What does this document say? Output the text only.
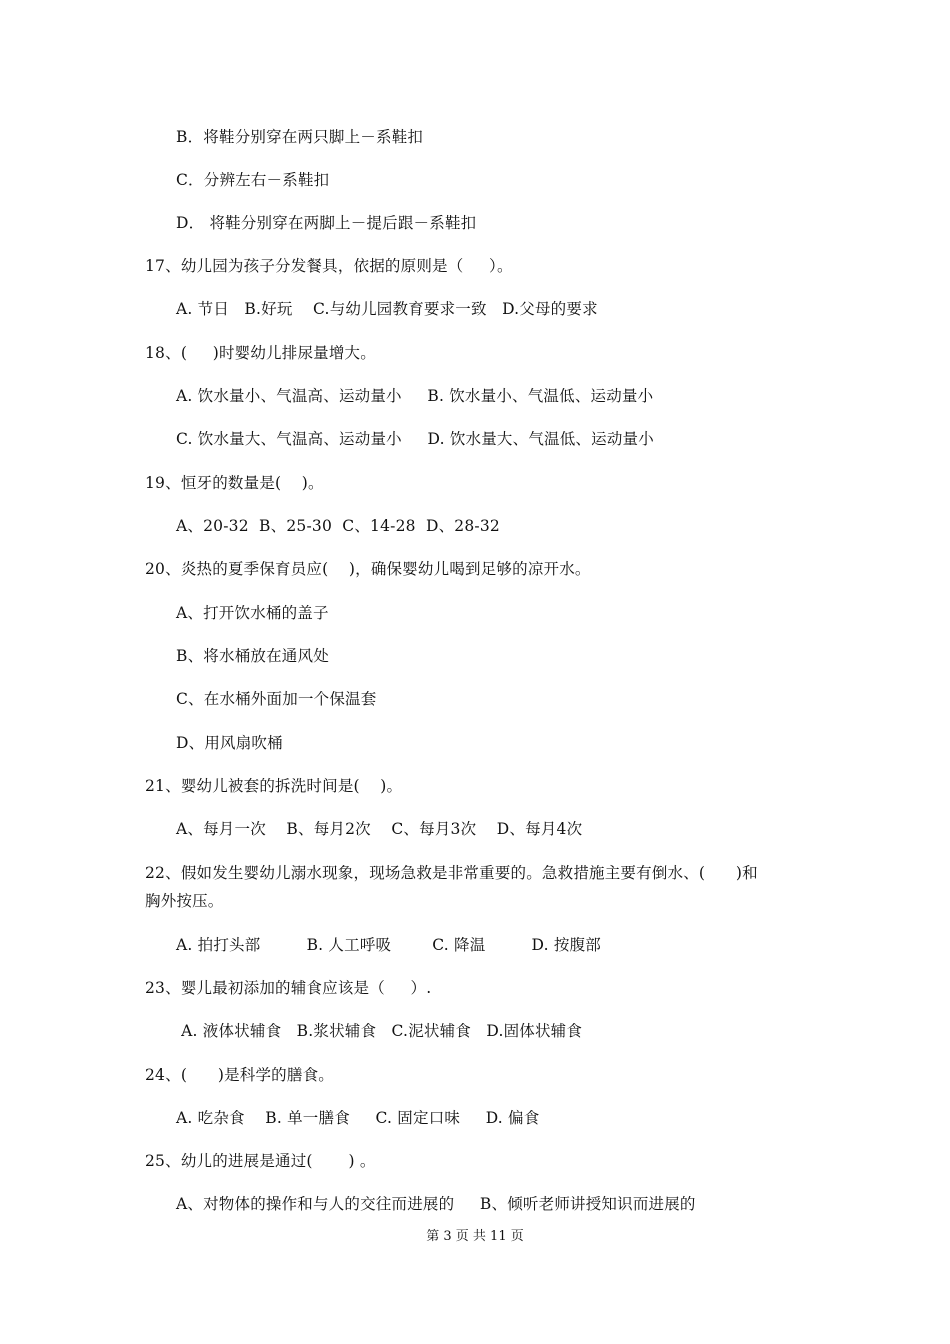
B．将鞋分别穿在两只脚上－系鞋扣
C．分辨左右－系鞋扣
D． 将鞋分别穿在两脚上－提后跟－系鞋扣
17、幼儿园为孩子分发餐具，依据的原则是（     ）。
A. 节日   B.好玩    C.与幼儿园教育要求一致   D.父母的要求
18、(     )时婴幼儿排尿量增大。
A. 饮水量小、气温高、运动量小     B. 饮水量小、气温低、运动量小
C. 饮水量大、气温高、运动量小     D. 饮水量大、气温低、运动量小
19、恒牙的数量是(    )。
A、20-32  B、25-30  C、14-28  D、28-32
20、炎热的夏季保育员应(    )，确保婴幼儿喝到足够的凉开水。
A、打开饮水桶的盖子
B、将水桶放在通风处
C、在水桶外面加一个保温套
D、用风扇吹桶
21、婴幼儿被套的拆洗时间是(    )。
A、每月一次    B、每月2次    C、每月3次    D、每月4次
22、假如发生婴幼儿溺水现象，现场急救是非常重要的。急救措施主要有倒水、(      )和
胸外按压。
A. 拍打头部         B. 人工呼吸        C. 降温         D. 按腹部
23、婴儿最初添加的辅食应该是（     ）.
A. 液体状辅食   B.浆状辅食   C.泥状辅食   D.固体状辅食
24、(      )是科学的膳食。
A. 吃杂食    B. 单一膳食     C. 固定口味     D. 偏食
25、幼儿的进展是通过(       ) 。
A、对物体的操作和与人的交往而进展的     B、倾听老师讲授知识而进展的
第 3 页 共 11 页
